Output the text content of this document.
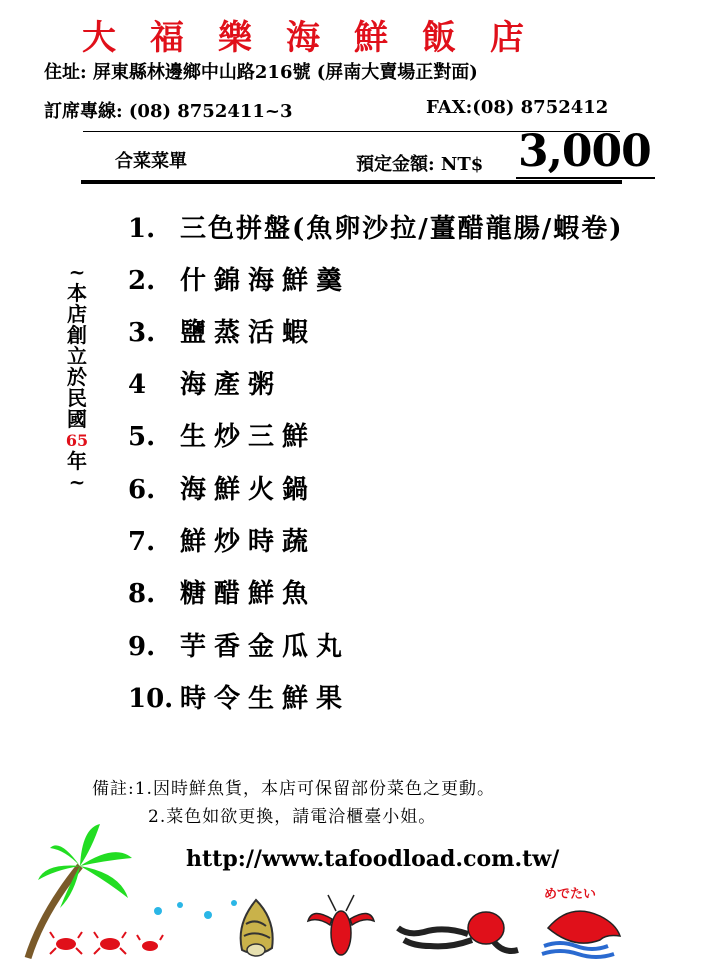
大福樂海鮮飯店
住址: 屏東縣林邊鄉中山路216號 (屏南大賣場正對面)
訂席專線: (08) 8752411~3	FAX:(08) 8752412
合菜菜單	預定金額: NT$ 3,000
1. 三色拼盤(魚卵沙拉/薑醋龍腸/蝦卷)
2. 什錦海鮮羹
3. 鹽蒸活蝦
4 海產粥
5. 生炒三鮮
6. 海鮮火鍋
7. 鮮炒時蔬
8. 糖醋鮮魚
9. 芋香金瓜丸
10. 時令生鮮果
~
本
店
創
立
於
民
國
65
年
~
備註:1.因時鮮魚貨，本店可保留部份菜色之更動。
2.菜色如欲更換，請電洽櫃臺小姐。
http://www.tafoodload.com.tw/
めでたい
